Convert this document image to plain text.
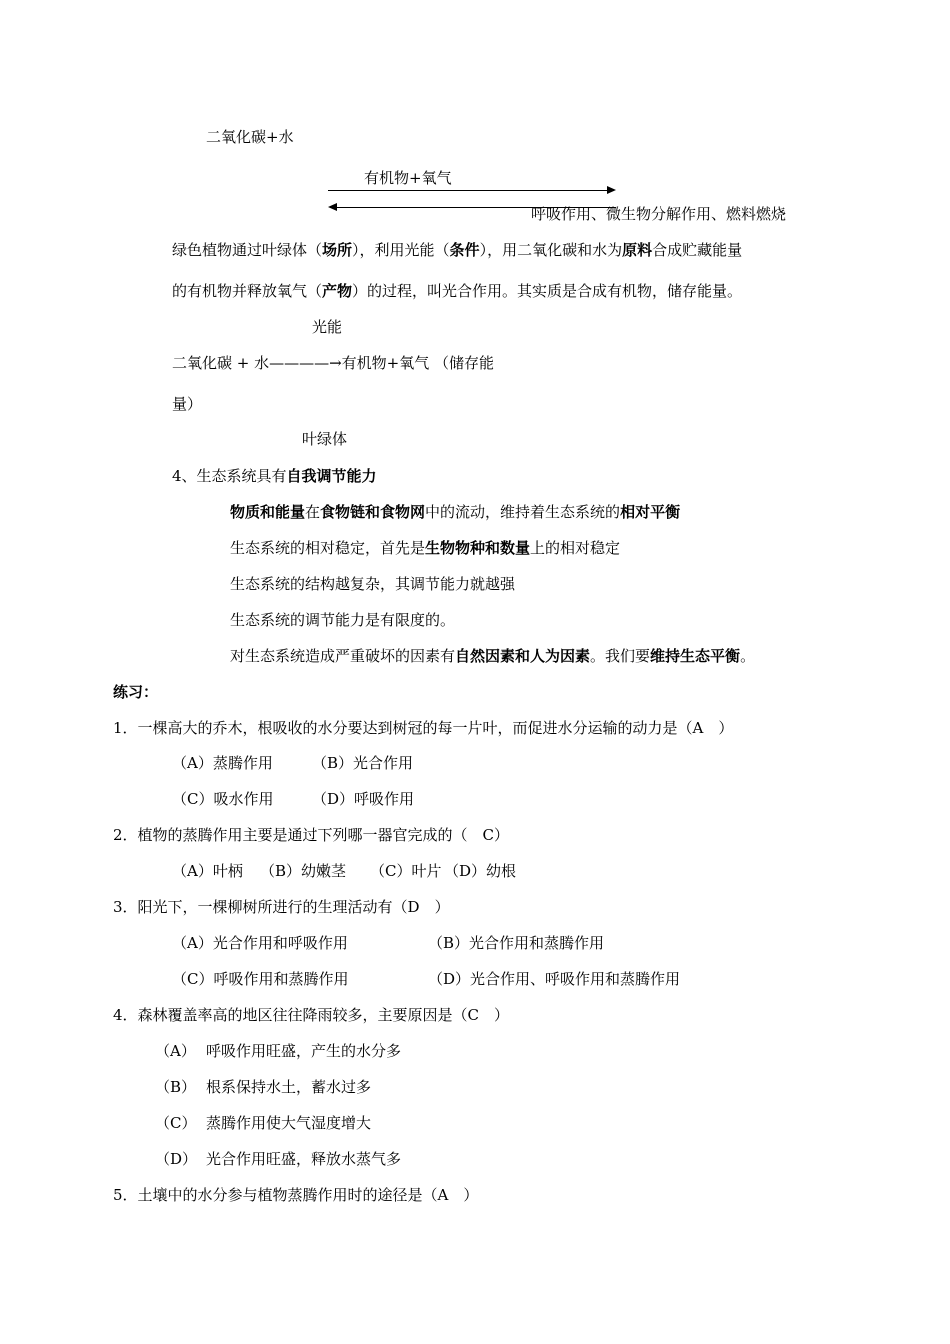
二氧化碳+水
有机物+氧气
呼吸作用、微生物分解作用、燃料燃烧
绿色植物通过叶绿体（场所），利用光能（条件），用二氧化碳和水为原料合成贮藏能量
的有机物并释放氧气（产物）的过程，叫光合作用。其实质是合成有机物，储存能量。
光能
二氧化碳 + 水————→有机物+氧气 （储存能
量）
叶绿体
4、生态系统具有自我调节能力
物质和能量在食物链和食物网中的流动，维持着生态系统的相对平衡
生态系统的相对稳定，首先是生物物种和数量上的相对稳定
生态系统的结构越复杂，其调节能力就越强
生态系统的调节能力是有限度的。
对生态系统造成严重破坏的因素有自然因素和人为因素。我们要维持生态平衡。
练习：
1．一棵高大的乔木，根吸收的水分要达到树冠的每一片叶，而促进水分运输的动力是（A　）
（A）蒸腾作用	（B）光合作用
（C）吸水作用	（D）呼吸作用
2．植物的蒸腾作用主要是通过下列哪一器官完成的（　C）
（A）叶柄 （B）幼嫩茎 （C）叶片 （D）幼根
3．阳光下，一棵柳树所进行的生理活动有（D　）
（A）光合作用和呼吸作用	（B）光合作用和蒸腾作用
（C）呼吸作用和蒸腾作用	（D）光合作用、呼吸作用和蒸腾作用
4．森林覆盖率高的地区往往降雨较多，主要原因是（C　）
（A） 呼吸作用旺盛，产生的水分多
（B） 根系保持水土，蓄水过多
（C） 蒸腾作用使大气湿度增大
（D） 光合作用旺盛，释放水蒸气多
5．土壤中的水分参与植物蒸腾作用时的途径是（A　）
